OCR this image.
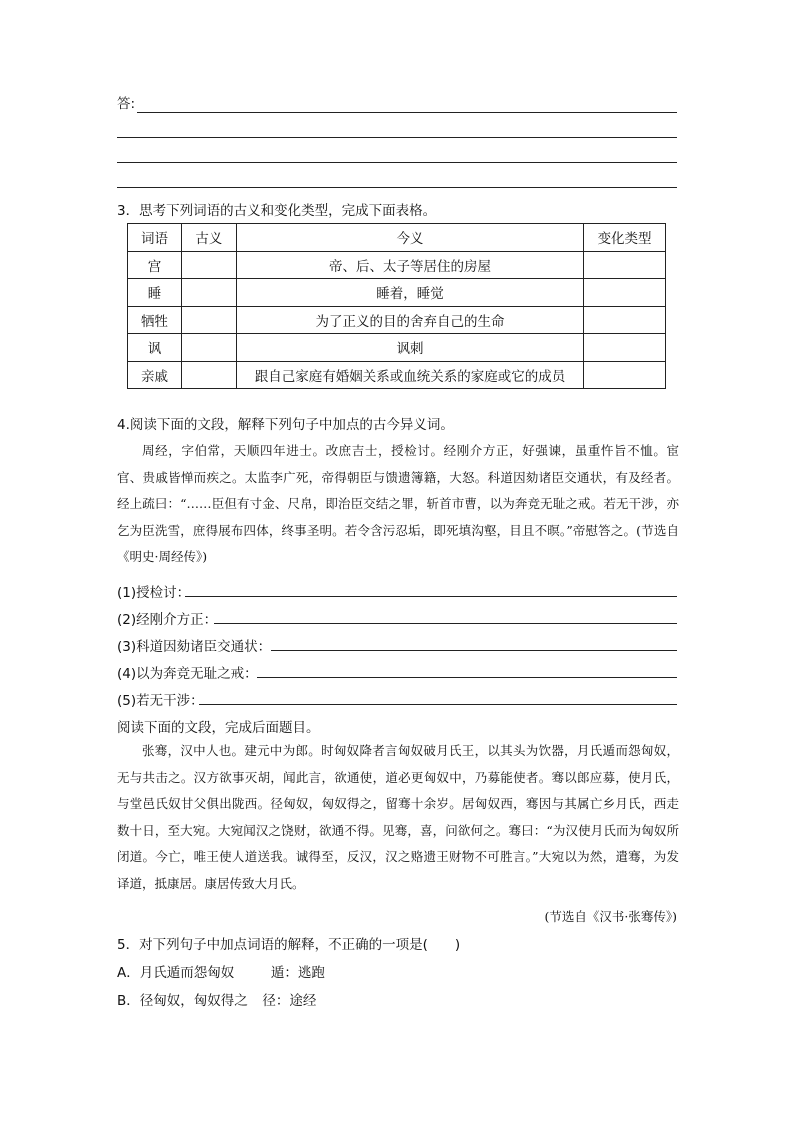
答:
3．思考下列词语的古义和变化类型，完成下面表格。
词语	古义	今义	变化类型
宫		帝、后、太子等居住的房屋	
睡		睡着，睡觉	
牺牲		为了正义的目的舍弃自己的生命	
讽		讽刺	
亲戚		跟自己家庭有婚姻关系或血统关系的家庭或它的成员	
4.阅读下面的文段，解释下列句子中加点的古今异义词。
周经，字伯常，天顺四年进士。改庶吉士，授检讨。经刚介方正，好强谏，虽重忤旨不恤。宦官、贵戚皆惮而疾之。太监李广死，帝得朝臣与馈遗簿籍，大怒。科道因劾诸臣交通状，有及经者。经上疏曰：“……臣但有寸金、尺帛，即治臣交结之罪，斩首市曹，以为奔竞无耻之戒。若无干涉，亦乞为臣洗雪，庶得展布四体，终事圣明。若令含污忍垢，即死填沟壑，目且不暝。”帝慰答之。(节选自《明史·周经传》)
(1)授检讨：
(2)经刚介方正：
(3)科道因劾诸臣交通状：
(4)以为奔竞无耻之戒：
(5)若无干涉：
阅读下面的文段，完成后面题目。
张骞，汉中人也。建元中为郎。时匈奴降者言匈奴破月氏王，以其头为饮器，月氏遁而怨匈奴，无与共击之。汉方欲事灭胡，闻此言，欲通使，道必更匈奴中，乃募能使者。骞以郎应募，使月氏，与堂邑氏奴甘父俱出陇西。径匈奴，匈奴得之，留骞十余岁。居匈奴西，骞因与其属亡乡月氏，西走数十日，至大宛。大宛闻汉之饶财，欲通不得。见骞，喜，问欲何之。骞曰：“为汉使月氏而为匈奴所闭道。今亡，唯王使人道送我。诚得至，反汉，汉之赂遗王财物不可胜言。”大宛以为然，遣骞，为发译道，抵康居。康居传致大月氏。
(节选自《汉书·张骞传》)
5．对下列句子中加点词语的解释，不正确的一项是(　　)
A．月氏遁而怨匈奴	遁：逃跑
B．径匈奴，匈奴得之 径：途经
